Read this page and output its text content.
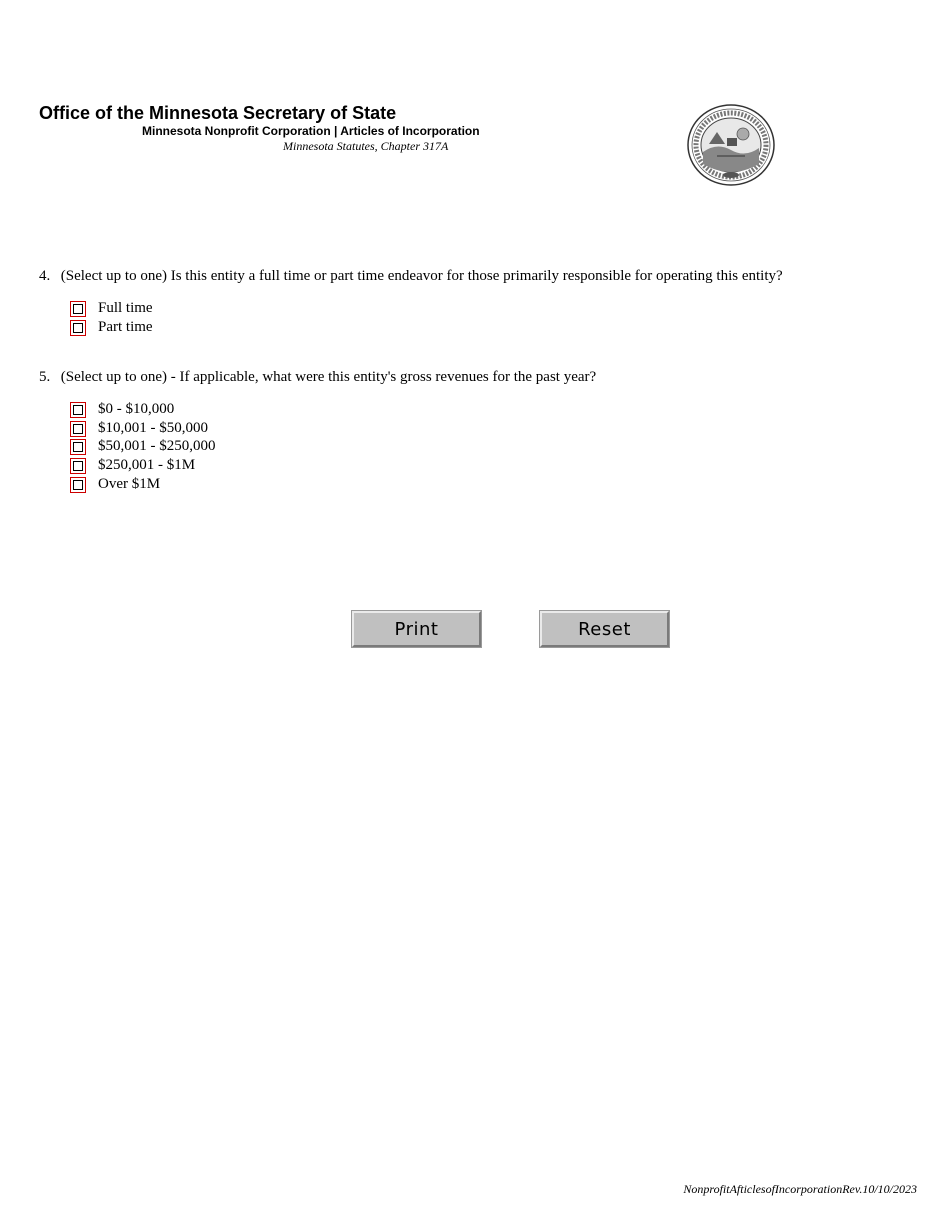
Office of the Minnesota Secretary of State
Minnesota Nonprofit Corporation | Articles of Incorporation
Minnesota Statutes, Chapter 317A
4. (Select up to one) Is this entity a full time or part time endeavor for those primarily responsible for operating this entity?
Full time
Part time
5. (Select up to one) - If applicable, what were this entity's gross revenues for the past year?
$0 - $10,000
$10,001 - $50,000
$50,001 - $250,000
$250,001 - $1M
Over $1M
Print	Reset
NonprofitAfticlesofIncorporationRev.10/10/2023
